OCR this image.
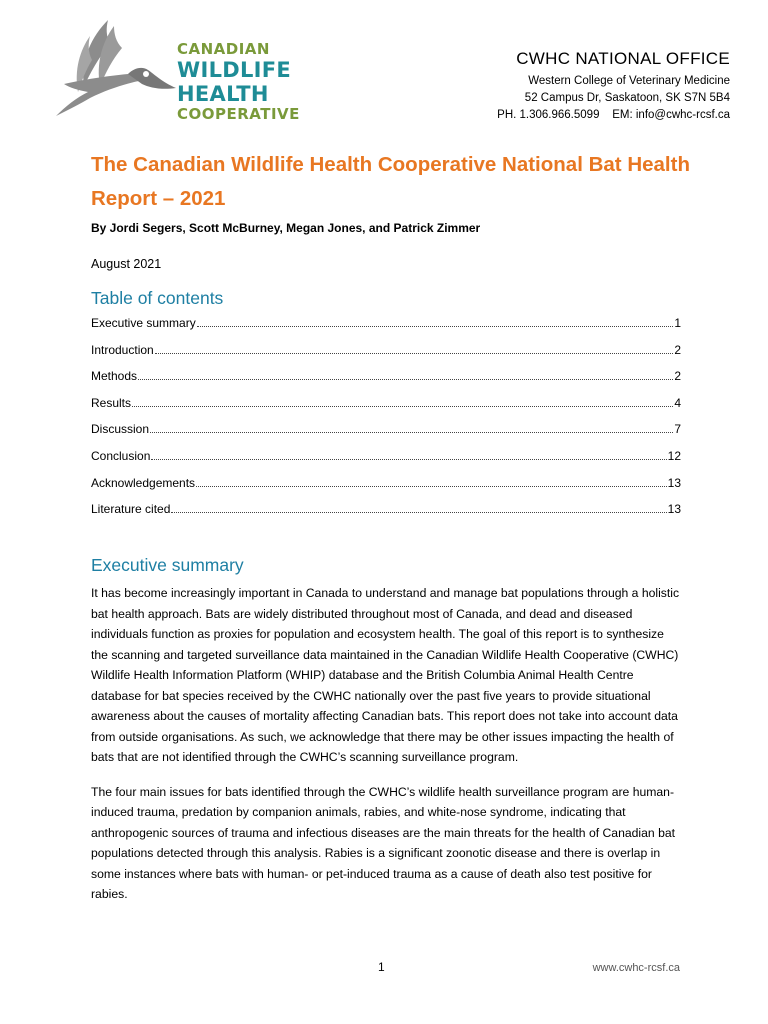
CANADIAN
WILDLIFE HEALTH
COOPERATIVE
CWHC NATIONAL OFFICE
Western College of Veterinary Medicine
52 Campus Dr, Saskatoon, SK S7N 5B4
PH. 1.306.966.5099    EM: info@cwhc-rcsf.ca
The Canadian Wildlife Health Cooperative National Bat Health Report – 2021
By Jordi Segers, Scott McBurney, Megan Jones, and Patrick Zimmer
August 2021
Table of contents
Executive summary	1
Introduction	2
Methods	2
Results	4
Discussion	7
Conclusion	12
Acknowledgements	13
Literature cited	13
Executive summary

It has become increasingly important in Canada to understand and manage bat populations through a holistic bat health approach. Bats are widely distributed throughout most of Canada, and dead and diseased individuals function as proxies for population and ecosystem health. The goal of this report is to synthesize the scanning and targeted surveillance data maintained in the Canadian Wildlife Health Cooperative (CWHC) Wildlife Health Information Platform (WHIP) database and the British Columbia Animal Health Centre database for bat species received by the CWHC nationally over the past five years to provide situational awareness about the causes of mortality affecting Canadian bats. This report does not take into account data from outside organisations. As such, we acknowledge that there may be other issues impacting the health of bats that are not identified through the CWHC’s scanning surveillance program.

The four main issues for bats identified through the CWHC’s wildlife health surveillance program are human-induced trauma, predation by companion animals, rabies, and white-nose syndrome, indicating that anthropogenic sources of trauma and infectious diseases are the main threats for the health of Canadian bat populations detected through this analysis. Rabies is a significant zoonotic disease and there is overlap in some instances where bats with human- or pet-induced trauma as a cause of death also test positive for rabies.

1	www.cwhc-rcsf.ca
